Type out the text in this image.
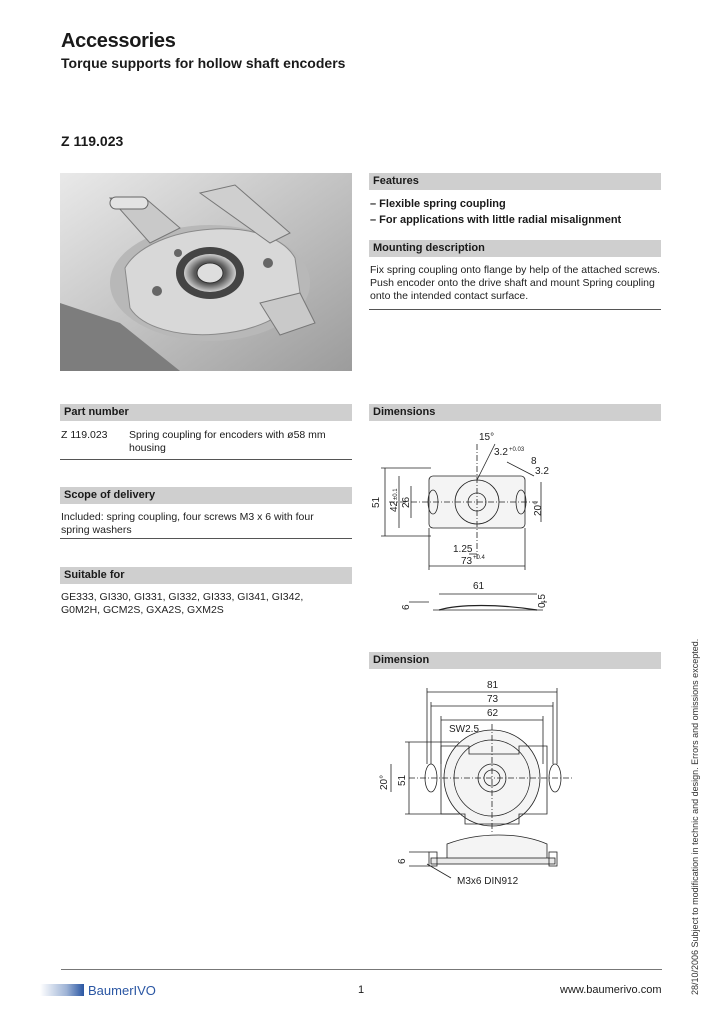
Accessories
Torque supports for hollow shaft encoders
Z 119.023
Features
– Flexible spring coupling
– For applications with little radial misalignment
Mounting description
Fix spring coupling onto flange by help of the attached screws. Push encoder onto the drive shaft and mount Spring coupling onto the intended contact surface.
Part number
Z 119.023	Spring coupling for encoders with ø58 mm housing
Scope of delivery
Included: spring coupling, four screws M3 x 6 with four spring washers
Suitable for
GE333, GI330, GI331, GI332, GI333, GI341, GI342, G0M2H, GCM2S, GXA2S, GXM2S
Dimensions
15°
3.2 +0.03
8
3.2
51 42
±0.1
26	20°
1.25
73 +0.4
61
6	0.5
Dimension
81
73
62
SW2.5
20° 51
6
M3x6 DIN912	28/10/2006 Subject to modification in technic and design. Errors and omissions excepted.
BaumerIVO	1	www.baumerivo.com
